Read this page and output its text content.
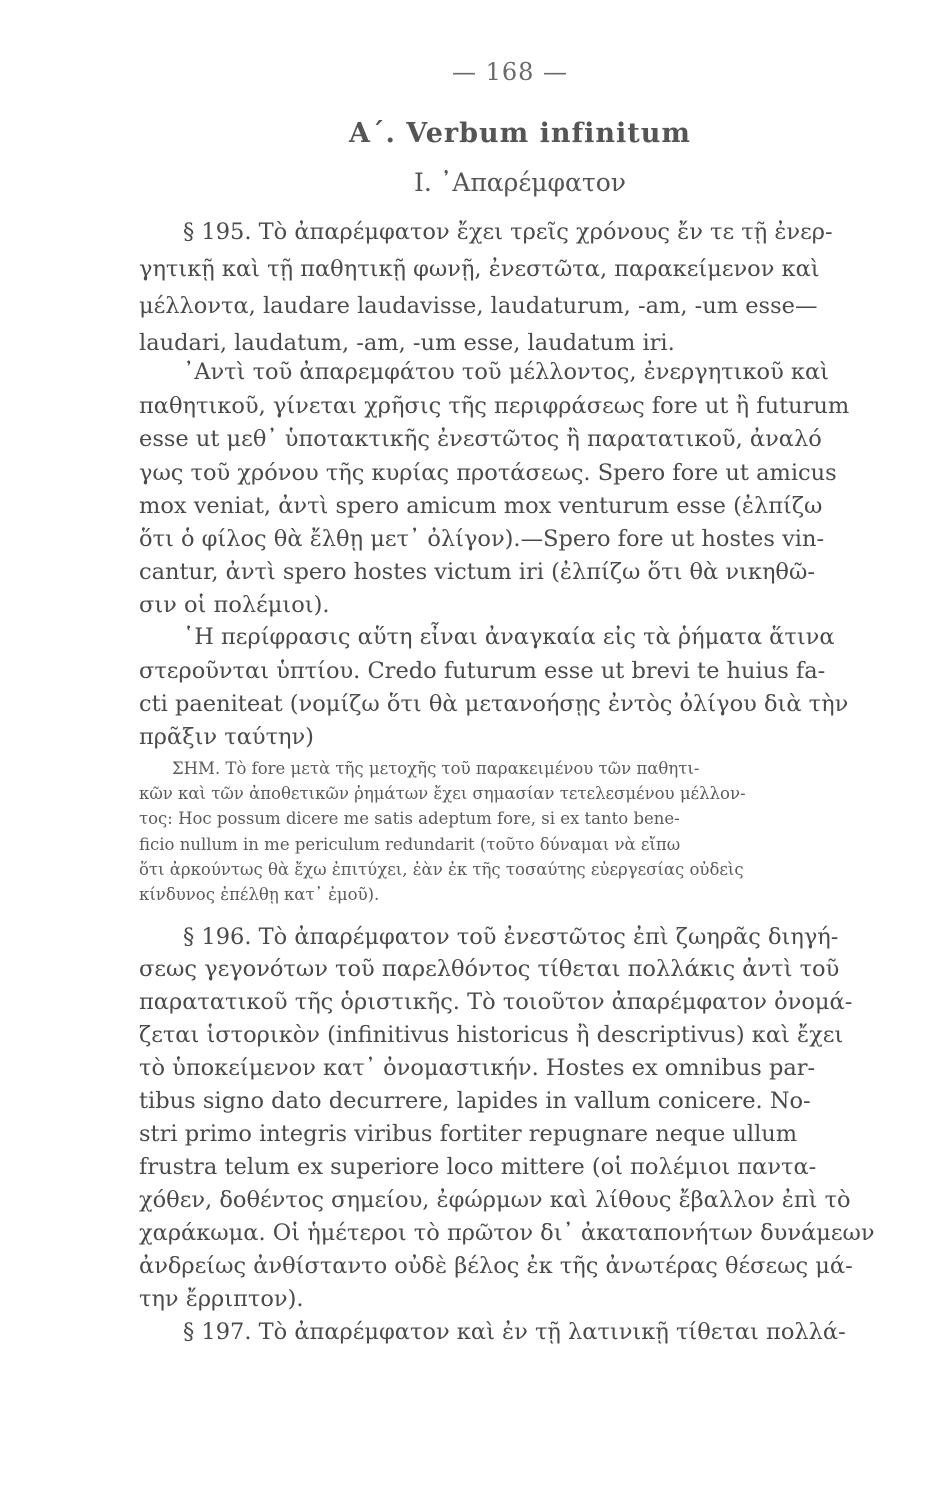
— 168 —
A΄. Verbum infinitum
I. ᾿Απαρέμφατον
§ 195. Τὸ ἀπαρέμφατον ἔχει τρεῖς χρόνους ἔν τε τῇ ἐνερ-
γητικῇ καὶ τῇ παθητικῇ φωνῇ, ἐνεστῶτα, παρακείμενον καὶ
μέλλοντα, laudare laudavisse, laudaturum, -am, -um esse—
laudari, laudatum, -am, -um esse, laudatum iri.
᾿Αντὶ τοῦ ἀπαρεμφάτου τοῦ μέλλοντος, ἐνεργητικοῦ καὶ
παθητικοῦ, γίνεται χρῆσις τῆς περιφράσεως fore ut ἢ futurum
esse ut μεθ᾿ ὑποτακτικῆς ἐνεστῶτος ἢ παρατατικοῦ, ἀναλό
γως τοῦ χρόνου τῆς κυρίας προτάσεως. Spero fore ut amicus
mox veniat, ἀντὶ spero amicum mox venturum esse (ἐλπίζω
ὅτι ὁ φίλος θὰ ἔλθῃ μετ᾿ ὀλίγον).—Spero fore ut hostes vin-
cantur, ἀντὶ spero hostes victum iri (ἐλπίζω ὅτι θὰ νικηθῶ-
σιν οἱ πολέμιοι).
῾Η περίφρασις αὕτη εἶναι ἀναγκαία εἰς τὰ ῥήματα ἅτινα
στεροῦνται ὑπτίου. Credo futurum esse ut brevi te huius fa-
cti paeniteat (νομίζω ὅτι θὰ μετανοήσῃς ἐντὸς ὀλίγου διὰ τὴν
πρᾶξιν ταύτην)
ΣΗΜ. Τὸ fore μετὰ τῆς μετοχῆς τοῦ παρακειμένου τῶν παθητι-
κῶν καὶ τῶν ἀποθετικῶν ῥημάτων ἔχει σημασίαν τετελεσμένου μέλλον-
τος: Hoc possum dicere me satis adeptum fore, si ex tanto bene-
ficio nullum in me periculum redundarit (τοῦτο δύναμαι νὰ εἴπω
ὅτι ἀρκούντως θὰ ἔχω ἐπιτύχει, ἐὰν ἐκ τῆς τοσαύτης εὐεργεσίας οὐδεὶς
κίνδυνος ἐπέλθῃ κατ᾿ ἐμοῦ).
§ 196. Τὸ ἀπαρέμφατον τοῦ ἐνεστῶτος ἐπὶ ζωηρᾶς διηγή-
σεως γεγονότων τοῦ παρελθόντος τίθεται πολλάκις ἀντὶ τοῦ
παρατατικοῦ τῆς ὁριστικῆς. Τὸ τοιοῦτον ἀπαρέμφατον ὀνομά-
ζεται ἱστορικὸν (infinitivus historicus ἢ descriptivus) καὶ ἔχει
τὸ ὑποκείμενον κατ᾿ ὀνομαστικήν. Hostes ex omnibus par-
tibus signo dato decurrere, lapides in vallum conicere. No-
stri primo integris viribus fortiter repugnare neque ullum
frustra telum ex superiore loco mittere (οἱ πολέμιοι παντα-
χόθεν, δοθέντος σημείου, ἐφώρμων καὶ λίθους ἔβαλλον ἐπὶ τὸ
χαράκωμα. Οἱ ἡμέτεροι τὸ πρῶτον δι᾿ ἀκαταπονήτων δυνάμεων
ἀνδρείως ἀνθίσταντο οὐδὲ βέλος ἐκ τῆς ἀνωτέρας θέσεως μά-
την ἔρριπτον).
§ 197. Τὸ ἀπαρέμφατον καὶ ἐν τῇ λατινικῇ τίθεται πολλά-
